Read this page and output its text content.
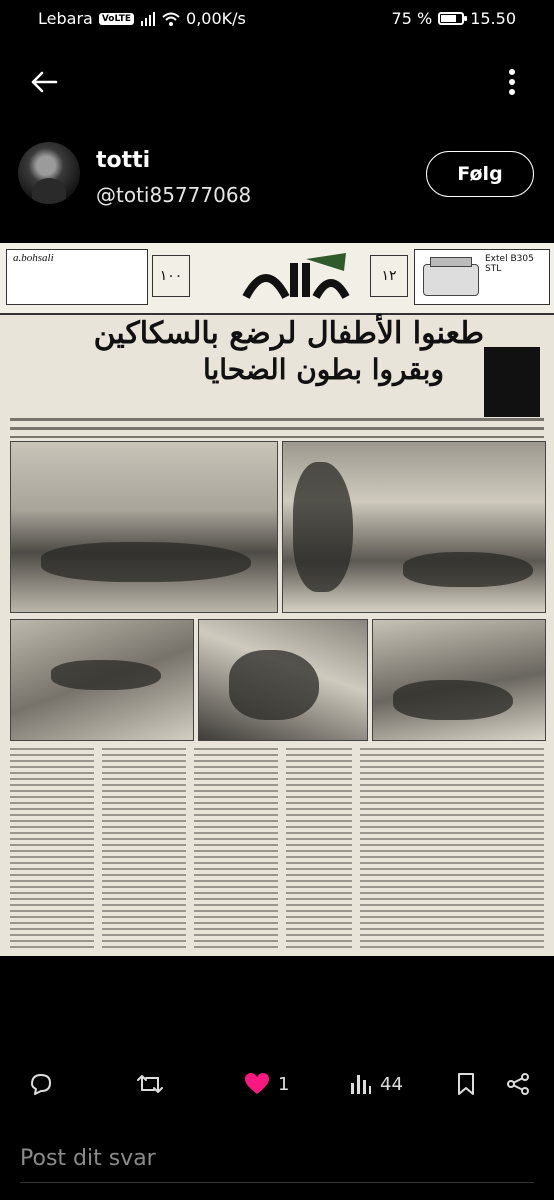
Lebara	VoLTE	0,00K/s	75 % 15.50
totti
@toti85777068
Følg
a.bohsali
١٠٠	١٢
Extel B305 STL
طعنوا الأطفال لرضع بالسكاكين
وبقروا بطون الضحايا
1	44
Post dit svar
